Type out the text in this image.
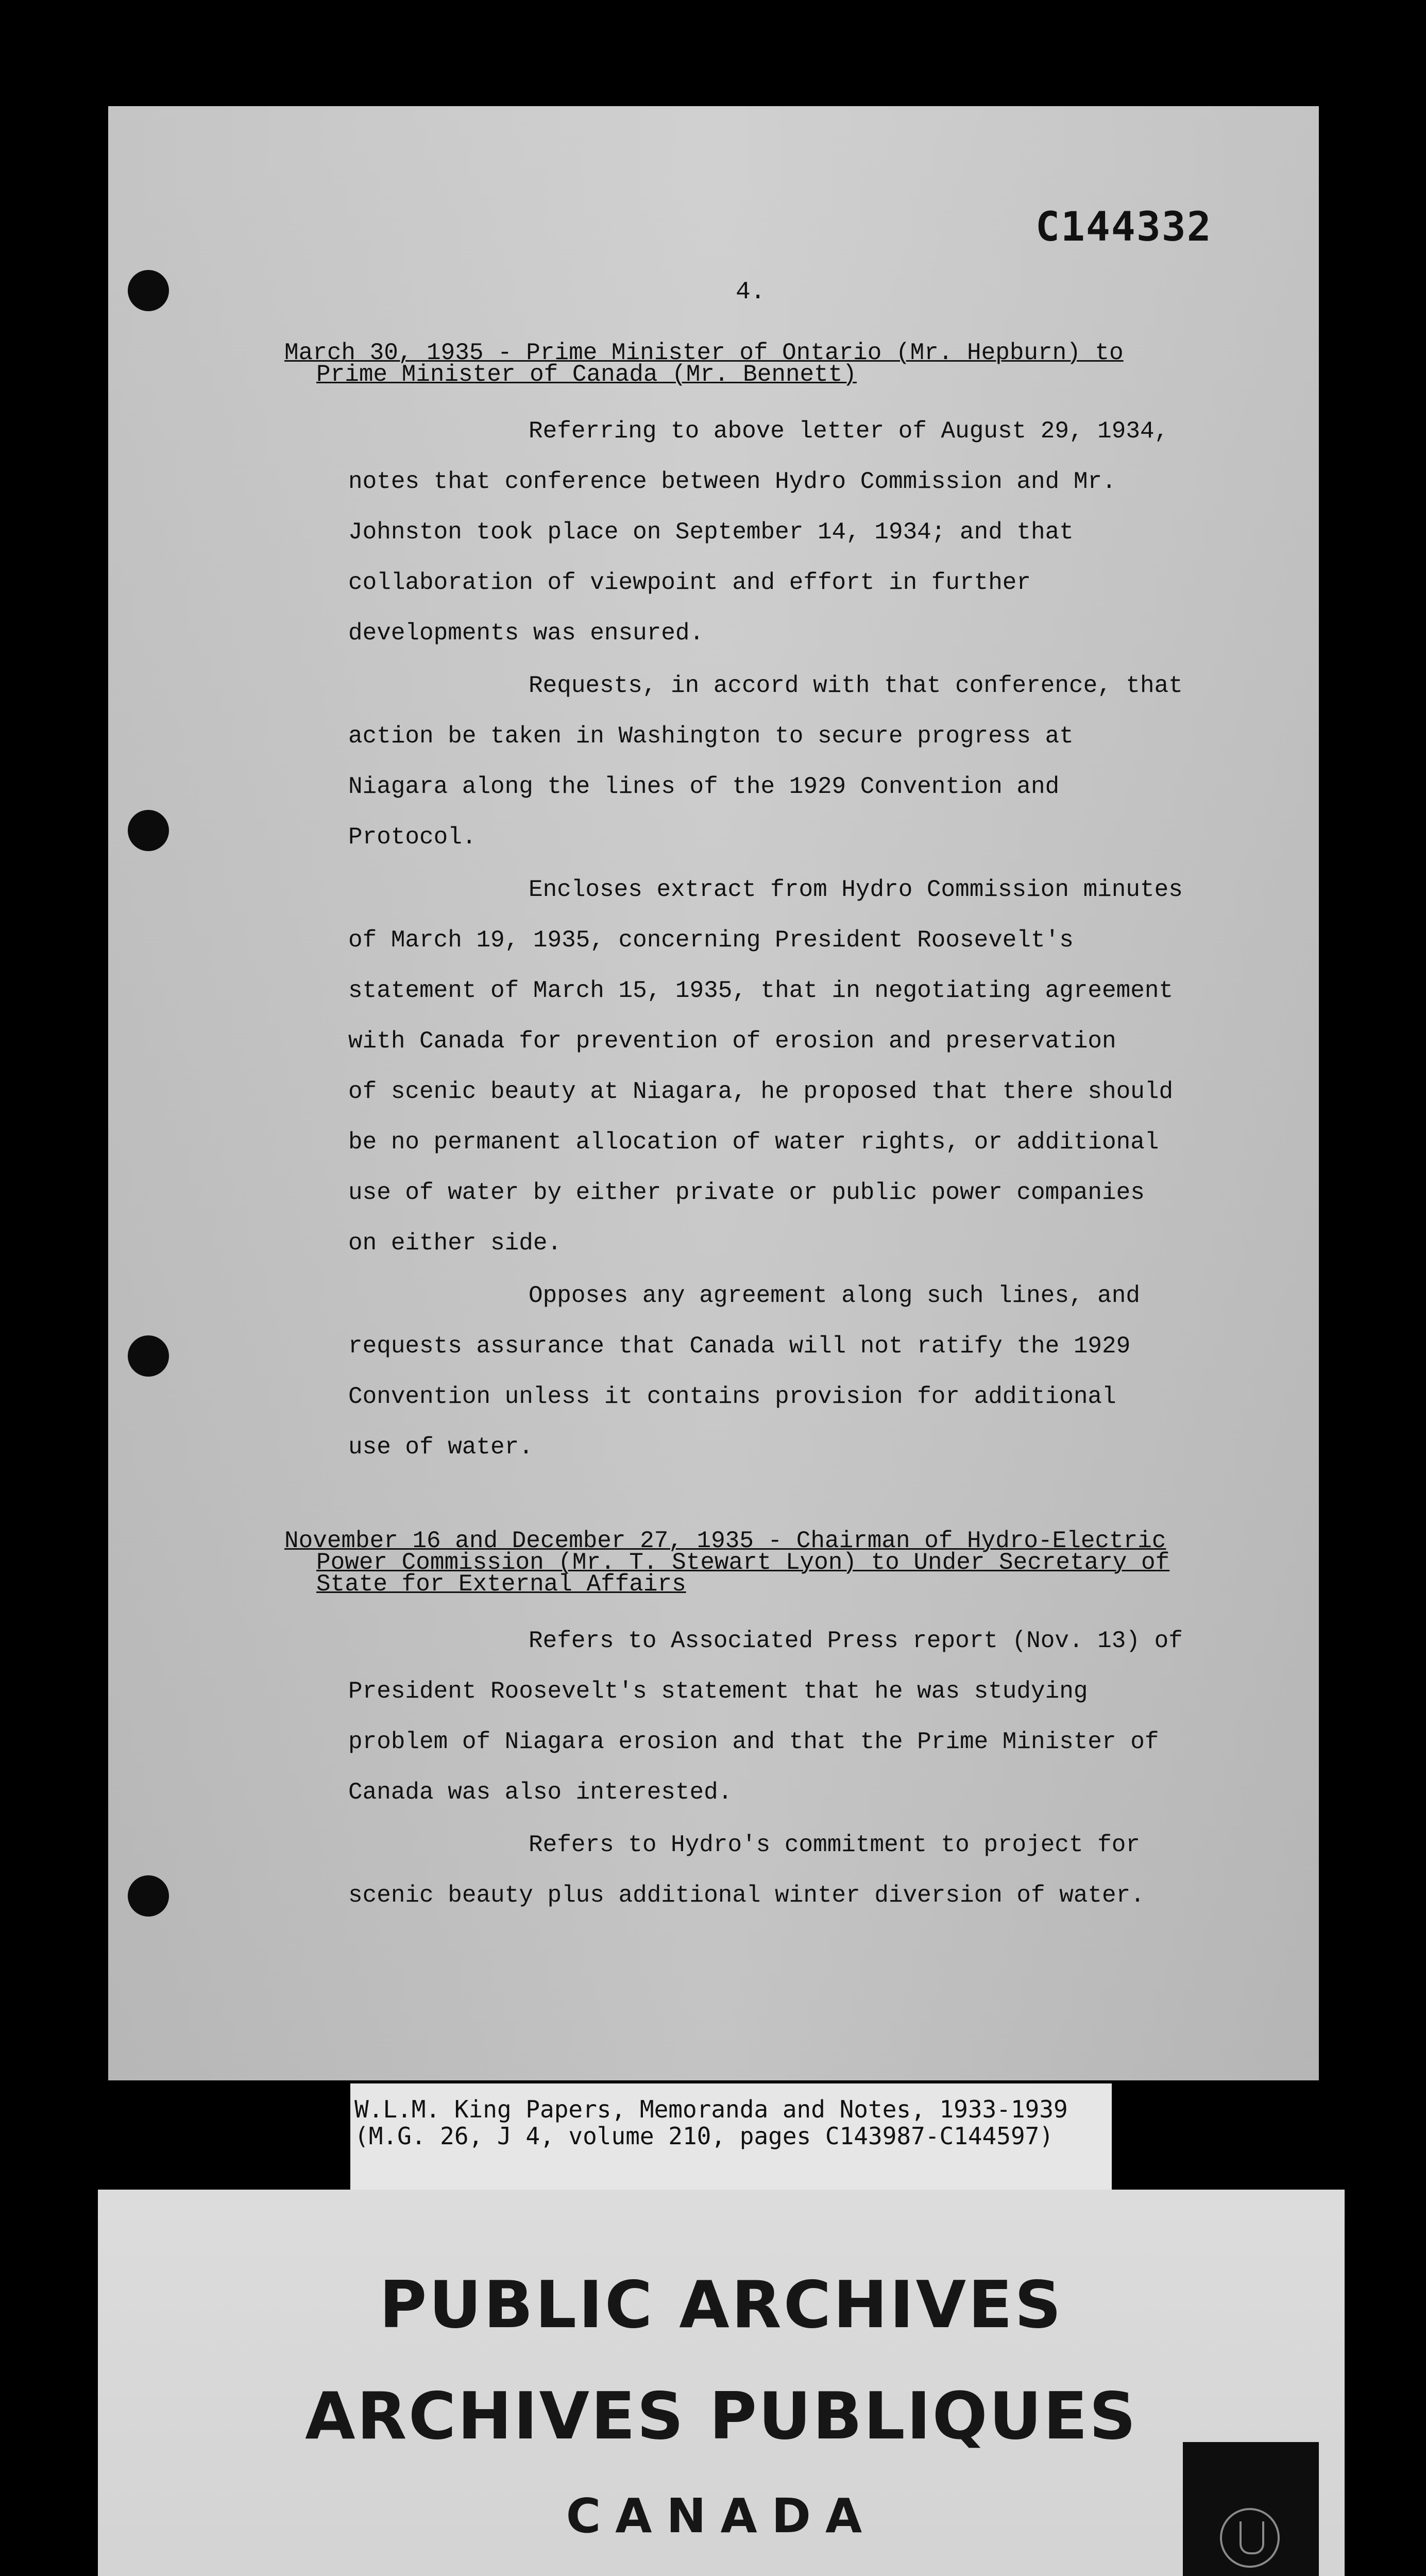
C144332
4.
March 30, 1935 - Prime Minister of Ontario (Mr. Hepburn) to
Prime Minister of Canada (Mr. Bennett)
Referring to above letter of August 29, 1934,
notes that conference between Hydro Commission and Mr.
Johnston took place on September 14, 1934; and that
collaboration of viewpoint and effort in further
developments was ensured.
Requests, in accord with that conference, that
action be taken in Washington to secure progress at
Niagara along the lines of the 1929 Convention and
Protocol.
Encloses extract from Hydro Commission minutes
of March 19, 1935, concerning President Roosevelt's
statement of March 15, 1935, that in negotiating agreement
with Canada for prevention of erosion and preservation
of scenic beauty at Niagara, he proposed that there should
be no permanent allocation of water rights, or additional
use of water by either private or public power companies
on either side.
Opposes any agreement along such lines, and
requests assurance that Canada will not ratify the 1929
Convention unless it contains provision for additional
use of water.
November 16 and December 27, 1935 - Chairman of Hydro-Electric
Power Commission (Mr. T. Stewart Lyon) to Under Secretary of
State for External Affairs
Refers to Associated Press report (Nov. 13) of
President Roosevelt's statement that he was studying
problem of Niagara erosion and that the Prime Minister of
Canada was also interested.
Refers to Hydro's commitment to project for
scenic beauty plus additional winter diversion of water.
W.L.M. King Papers, Memoranda and Notes, 1933-1939
(M.G. 26, J 4, volume 210, pages C143987-C144597)
PUBLIC ARCHIVES
ARCHIVES PUBLIQUES
CANADA
